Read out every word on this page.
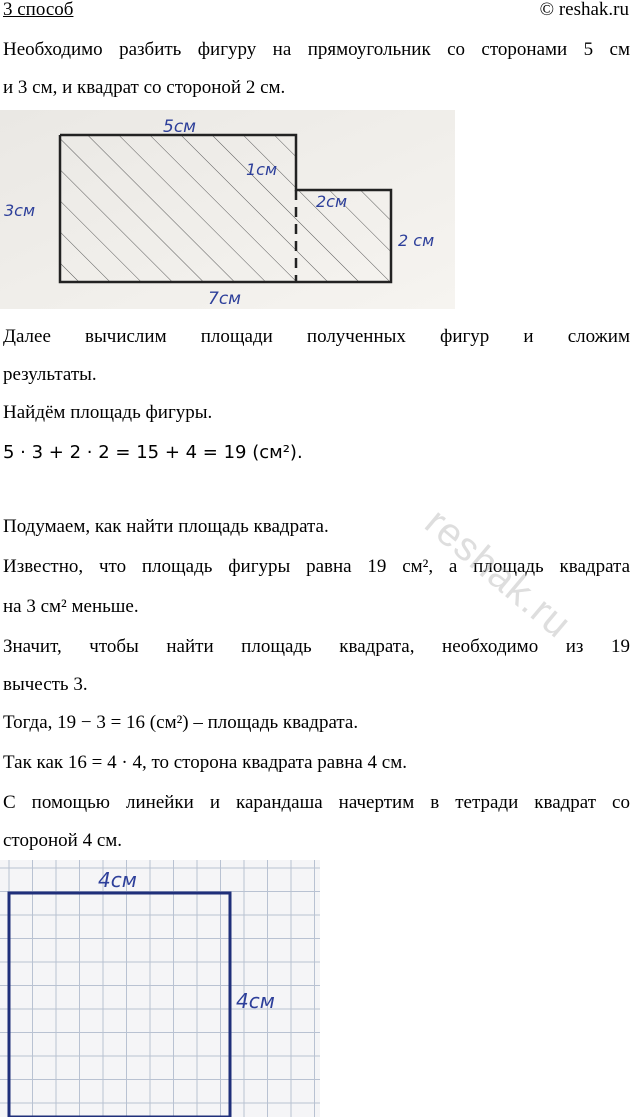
3 способ	© reshak.ru
Необходимо разбить фигуру на прямоугольник со сторонами 5 см
и 3 см, и квадрат со стороной 2 см.
5см
1см
3см	2см
2 см
7см
Далее вычислим площади полученных фигур и сложим
результаты.
Найдём площадь фигуры.
5 · 3 + 2 · 2 = 15 + 4 = 19 (см²).
Подумаем, как найти площадь квадрата.
Известно, что площадь фигуры равна 19 см², а площадь квадрата
на 3 см² меньше.
Значит, чтобы найти площадь квадрата, необходимо из 19
вычесть 3.
Тогда, 19 − 3 = 16 (см²) – площадь квадрата.
Так как 16 = 4 · 4, то сторона квадрата равна 4 см.
С помощью линейки и карандаша начертим в тетради квадрат со
стороной 4 см.
reshak.ru
4см
4см
